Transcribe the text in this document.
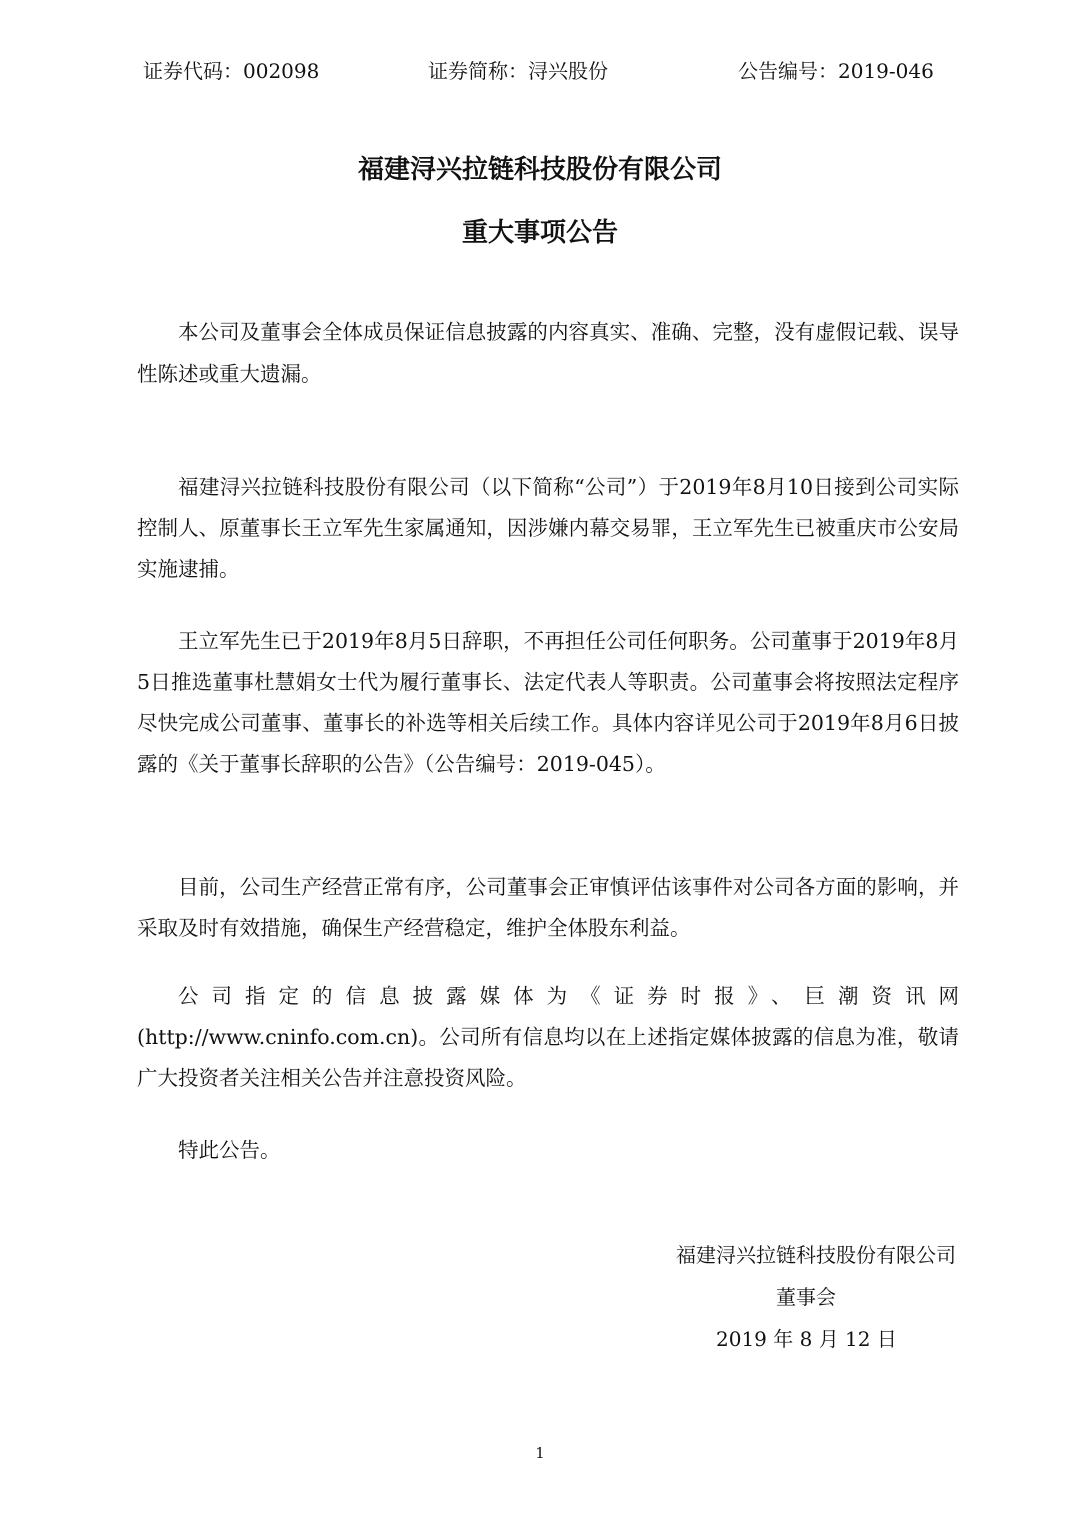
证券代码：002098	证券简称：浔兴股份	公告编号：2019-046
福建浔兴拉链科技股份有限公司
重大事项公告

本公司及董事会全体成员保证信息披露的内容真实、准确、完整，没有虚假记载、误导性陈述或重大遗漏。

福建浔兴拉链科技股份有限公司（以下简称“公司”）于2019年8月10日接到公司实际控制人、原董事长王立军先生家属通知，因涉嫌内幕交易罪，王立军先生已被重庆市公安局实施逮捕。

王立军先生已于2019年8月5日辞职，不再担任公司任何职务。公司董事于2019年8月5日推选董事杜慧娟女士代为履行董事长、法定代表人等职责。公司董事会将按照法定程序尽快完成公司董事、董事长的补选等相关后续工作。具体内容详见公司于2019年8月6日披露的《关于董事长辞职的公告》（公告编号：2019-045）。

目前，公司生产经营正常有序，公司董事会正审慎评估该事件对公司各方面的影响，并采取及时有效措施，确保生产经营稳定，维护全体股东利益。

公司指定的信息披露媒体为《证券时报》、巨潮资讯网(http://www.cninfo.com.cn)。公司所有信息均以在上述指定媒体披露的信息为准，敬请广大投资者关注相关公告并注意投资风险。

特此公告。

福建浔兴拉链科技股份有限公司
董事会
2019 年 8 月 12 日
1
